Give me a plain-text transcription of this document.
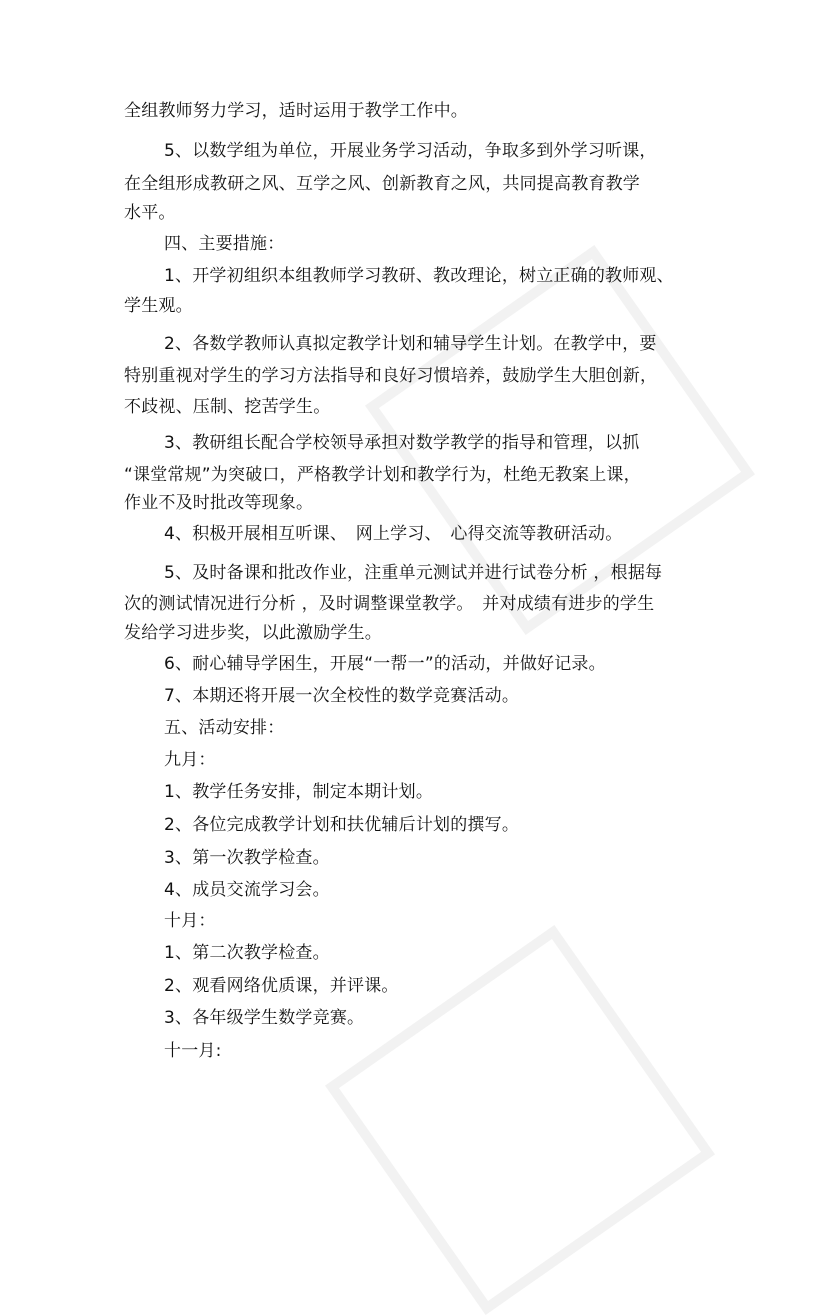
全组教师努力学习，适时运用于教学工作中。
5、以数学组为单位，开展业务学习活动，争取多到外学习听课，
在全组形成教研之风、互学之风、创新教育之风，共同提高教育教学
水平。
四、主要措施：
1、开学初组织本组教师学习教研、教改理论，树立正确的教师观、
学生观。
2、各数学教师认真拟定教学计划和辅导学生计划。在教学中，要
特别重视对学生的学习方法指导和良好习惯培养，鼓励学生大胆创新，
不歧视、压制、挖苦学生。
3、教研组长配合学校领导承担对数学教学的指导和管理，以抓
“课堂常规”为突破口，严格教学计划和教学行为，杜绝无教案上课，
作业不及时批改等现象。
4、积极开展相互听课、　网上学习、　心得交流等教研活动。
5、及时备课和批改作业，注重单元测试并进行试卷分析 ，根据每
次的测试情况进行分析 ，及时调整课堂教学。　并对成绩有进步的学生
发给学习进步奖，以此激励学生。
6、耐心辅导学困生，开展“一帮一”的活动，并做好记录。
7、本期还将开展一次全校性的数学竞赛活动。
五、活动安排：
九月：
1、教学任务安排，制定本期计划。
2、各位完成教学计划和扶优辅后计划的撰写。
3、第一次教学检查。
4、成员交流学习会。
十月：
1、第二次教学检查。
2、观看网络优质课，并评课。
3、各年级学生数学竞赛。
十一月:
